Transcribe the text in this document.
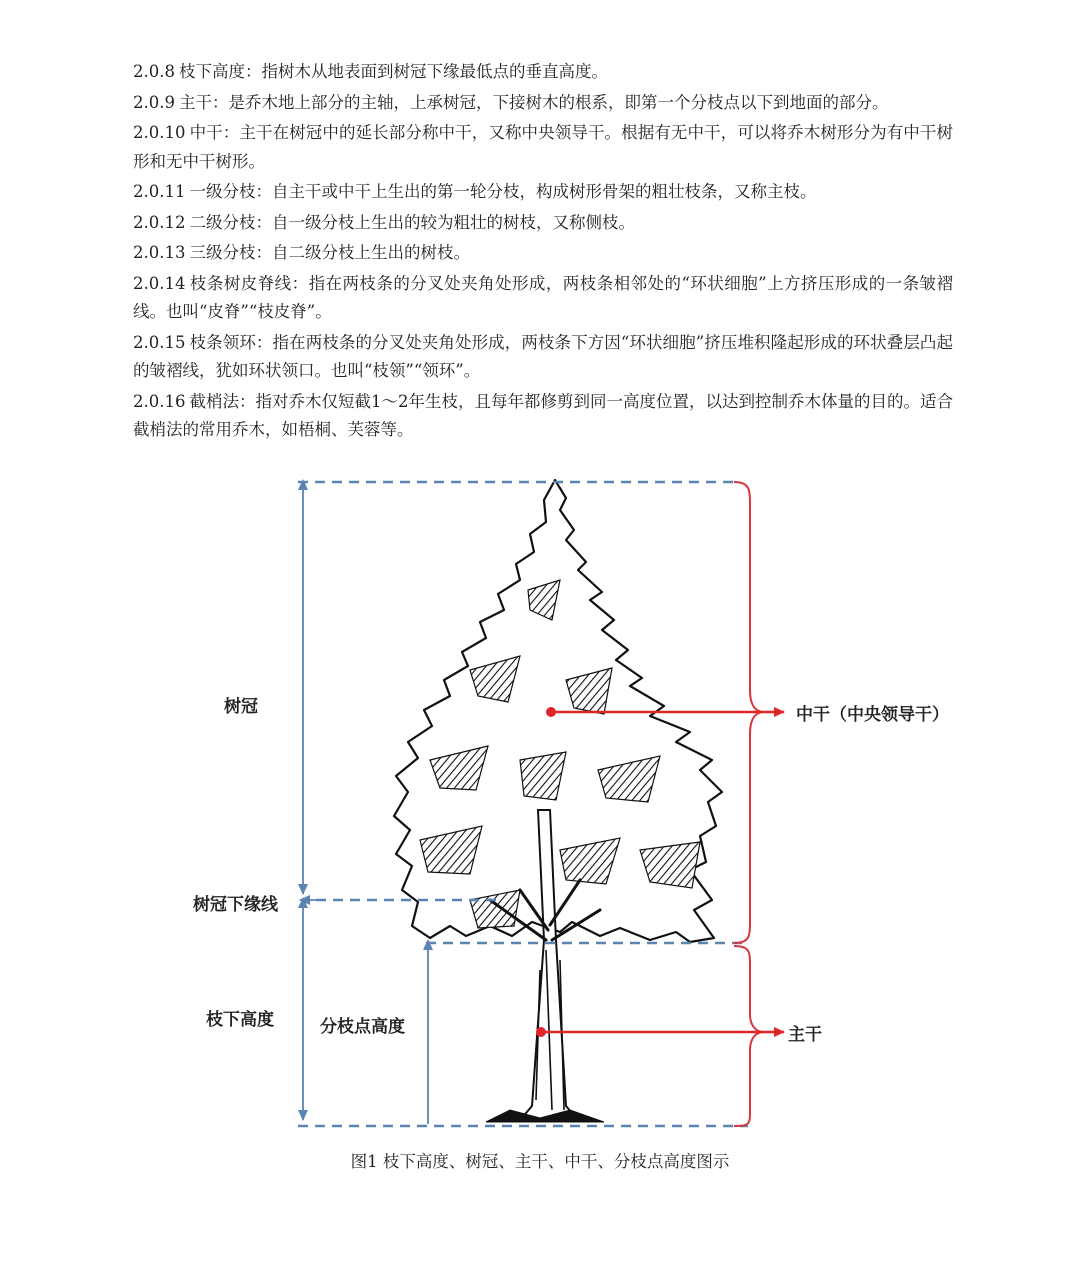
2.0.8 枝下高度：指树木从地表面到树冠下缘最低点的垂直高度。

2.0.9 主干：是乔木地上部分的主轴，上承树冠，下接树木的根系，即第一个分枝点以下到地面的部分。

2.0.10 中干：主干在树冠中的延长部分称中干，又称中央领导干。根据有无中干，可以将乔木树形分为有中干树形和无中干树形。

2.0.11 一级分枝：自主干或中干上生出的第一轮分枝，构成树形骨架的粗壮枝条，又称主枝。

2.0.12 二级分枝：自一级分枝上生出的较为粗壮的树枝，又称侧枝。

2.0.13 三级分枝：自二级分枝上生出的树枝。

2.0.14 枝条树皮脊线：指在两枝条的分叉处夹角处形成，两枝条相邻处的“环状细胞”上方挤压形成的一条皱褶线。也叫“皮脊”“枝皮脊”。

2.0.15 枝条领环：指在两枝条的分叉处夹角处形成，两枝条下方因“环状细胞”挤压堆积隆起形成的环状叠层凸起的皱褶线，犹如环状领口。也叫“枝领”“领环”。

2.0.16 截梢法：指对乔木仅短截1～2年生枝，且每年都修剪到同一高度位置，以达到控制乔木体量的目的。适合截梢法的常用乔木，如梧桐、芙蓉等。

树冠
树冠下缘线
枝下高度	分枝点高度
中干（中央领导干）
主干
图1 枝下高度、树冠、主干、中干、分枝点高度图示
